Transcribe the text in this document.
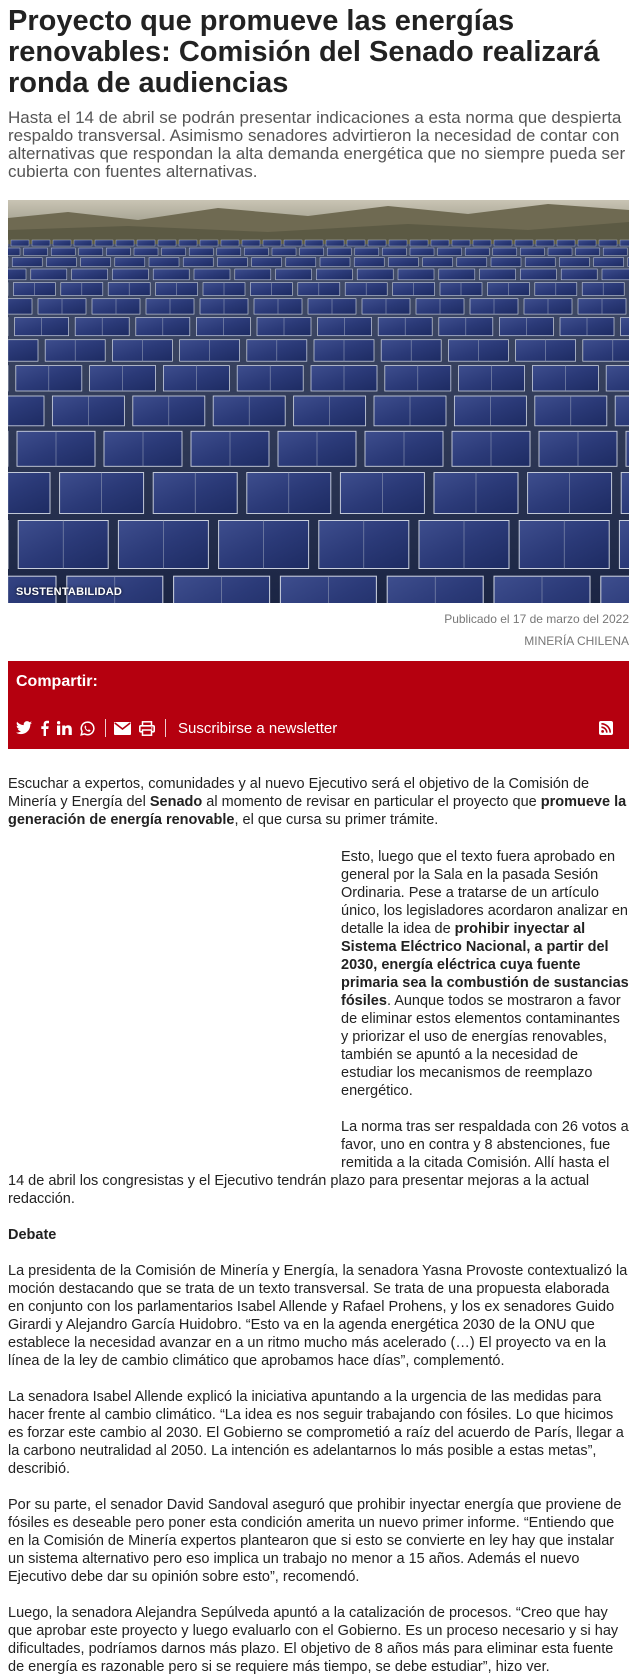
Proyecto que promueve las energías renovables: Comisión del Senado realizará ronda de audiencias

Hasta el 14 de abril se podrán presentar indicaciones a esta norma que despierta respaldo transversal. Asimismo senadores advirtieron la necesidad de contar con alternativas que respondan la alta demanda energética que no siempre pueda ser cubierta con fuentes alternativas.

SUSTENTABILIDAD
Publicado el 17 de marzo del 2022
MINERÍA CHILENA
Compartir:
Suscribirse a newsletter

Escuchar a expertos, comunidades y al nuevo Ejecutivo será el objetivo de la Comisión de Minería y Energía del Senado al momento de revisar en particular el proyecto que promueve la generación de energía renovable, el que cursa su primer trámite.

Esto, luego que el texto fuera aprobado en general por la Sala en la pasada Sesión Ordinaria. Pese a tratarse de un artículo único, los legisladores acordaron analizar en detalle la idea de prohibir inyectar al Sistema Eléctrico Nacional, a partir del 2030, energía eléctrica cuya fuente primaria sea la combustión de sustancias fósiles. Aunque todos se mostraron a favor de eliminar estos elementos contaminantes y priorizar el uso de energías renovables, también se apuntó a la necesidad de estudiar los mecanismos de reemplazo energético.

La norma tras ser respaldada con 26 votos a favor, uno en contra y 8 abstenciones, fue remitida a la citada Comisión. Allí hasta el 14 de abril los congresistas y el Ejecutivo tendrán plazo para presentar mejoras a la actual redacción.

Debate

La presidenta de la Comisión de Minería y Energía, la senadora Yasna Provoste contextualizó la moción destacando que se trata de un texto transversal. Se trata de una propuesta elaborada en conjunto con los parlamentarios Isabel Allende y Rafael Prohens, y los ex senadores Guido Girardi y Alejandro García Huidobro. “Esto va en la agenda energética 2030 de la ONU que establece la necesidad avanzar en a un ritmo mucho más acelerado (…) El proyecto va en la línea de la ley de cambio climático que aprobamos hace días”, complementó.

La senadora Isabel Allende explicó la iniciativa apuntando a la urgencia de las medidas para hacer frente al cambio climático. “La idea es nos seguir trabajando con fósiles. Lo que hicimos es forzar este cambio al 2030. El Gobierno se comprometió a raíz del acuerdo de París, llegar a la carbono neutralidad al 2050. La intención es adelantarnos lo más posible a estas metas”, describió.

Por su parte, el senador David Sandoval aseguró que prohibir inyectar energía que proviene de fósiles es deseable pero poner esta condición amerita un nuevo primer informe. “Entiendo que en la Comisión de Minería expertos plantearon que si esto se convierte en ley hay que instalar un sistema alternativo pero eso implica un trabajo no menor a 15 años. Además el nuevo Ejecutivo debe dar su opinión sobre esto”, recomendó.

Luego, la senadora Alejandra Sepúlveda apuntó a la catalización de procesos. “Creo que hay que aprobar este proyecto y luego evaluarlo con el Gobierno. Es un proceso necesario y si hay dificultades, podríamos darnos más plazo. El objetivo de 8 años más para eliminar esta fuente de energía es razonable pero si se requiere más tiempo, se debe estudiar”, hizo ver.
